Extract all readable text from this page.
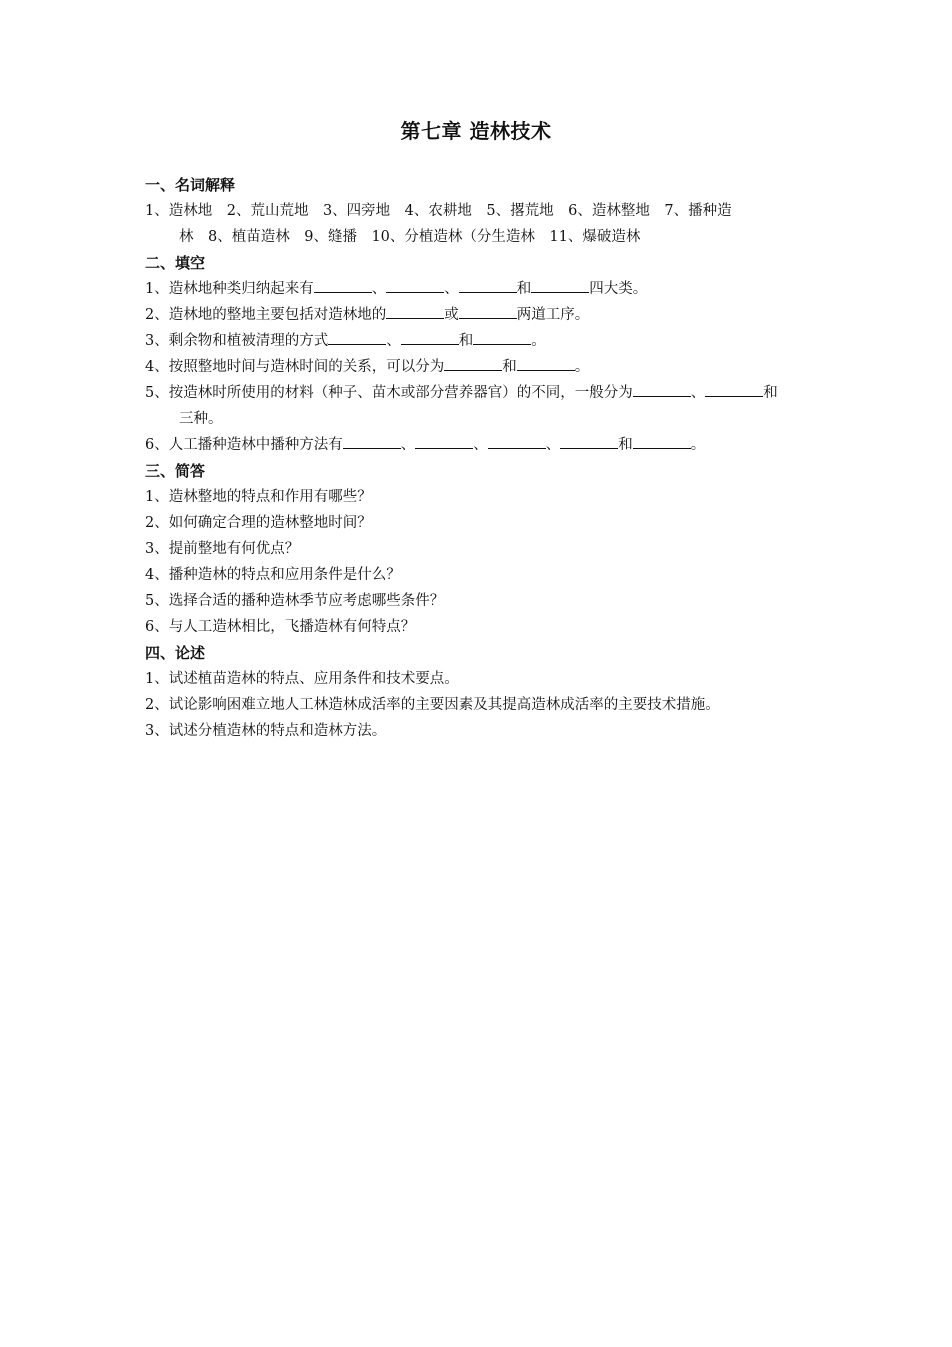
第七章 造林技术
一、名词解释
1、造林地　2、荒山荒地　3、四旁地　4、农耕地　5、撂荒地　6、造林整地　7、播种造
林　8、植苗造林　9、缝播　10、分植造林（分生造林　11、爆破造林
二、填空
1、造林地种类归纳起来有	、	、	和	四大类。
2、造林地的整地主要包括对造林地的	或	两道工序。
3、剩余物和植被清理的方式	、	和	。
4、按照整地时间与造林时间的关系，可以分为	和	。
5、按造林时所使用的材料（种子、苗木或部分营养器官）的不同，一般分为	、	和
三种。
6、人工播种造林中播种方法有	、	、	、	和	。
三、简答
1、造林整地的特点和作用有哪些？
2、如何确定合理的造林整地时间？
3、提前整地有何优点？
4、播种造林的特点和应用条件是什么？
5、选择合适的播种造林季节应考虑哪些条件？
6、与人工造林相比，飞播造林有何特点？
四、论述
1、试述植苗造林的特点、应用条件和技术要点。
2、试论影响困难立地人工林造林成活率的主要因素及其提高造林成活率的主要技术措施。
3、试述分植造林的特点和造林方法。
